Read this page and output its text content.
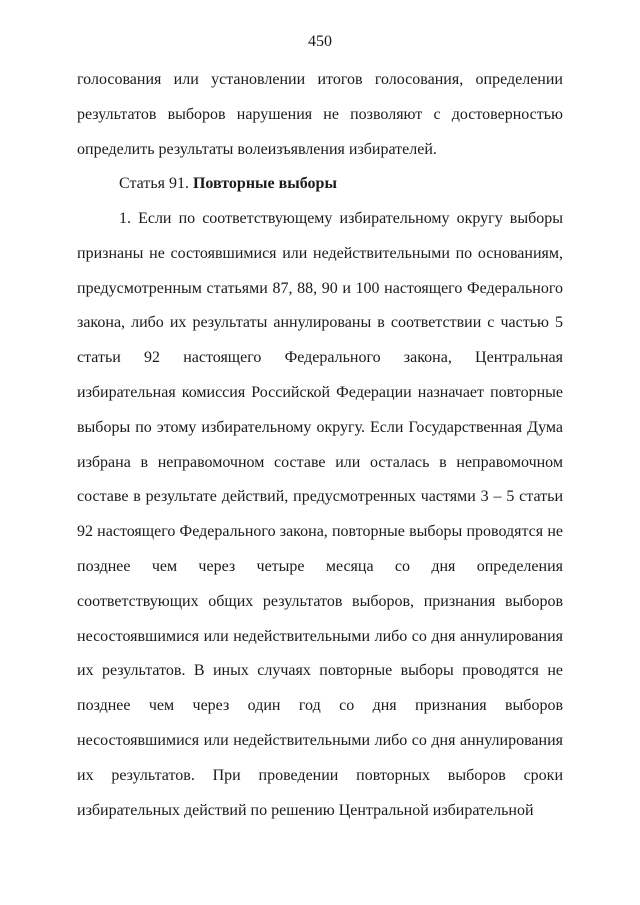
450

голосования или установлении итогов голосования, определении результатов выборов нарушения не позволяют с достоверностью определить результаты волеизъявления избирателей.

Статья 91. Повторные выборы

1. Если по соответствующему избирательному округу выборы признаны не состоявшимися или недействительными по основаниям, предусмотренным статьями 87, 88, 90 и 100 настоящего Федерального закона, либо их результаты аннулированы в соответствии с частью 5 статьи 92 настоящего Федерального закона, Центральная избирательная комиссия Российской Федерации назначает повторные выборы по этому избирательному округу. Если Государственная Дума избрана в неправомочном составе или осталась в неправомочном составе в результате действий, предусмотренных частями 3 – 5 статьи 92 настоящего Федерального закона, повторные выборы проводятся не позднее чем через четыре месяца со дня определения соответствующих общих результатов выборов, признания выборов несостоявшимися или недействительными либо со дня аннулирования их результатов. В иных случаях повторные выборы проводятся не позднее чем через один год со дня признания выборов несостоявшимися или недействительными либо со дня аннулирования их результатов. При проведении повторных выборов сроки избирательных действий по решению Центральной избирательной
